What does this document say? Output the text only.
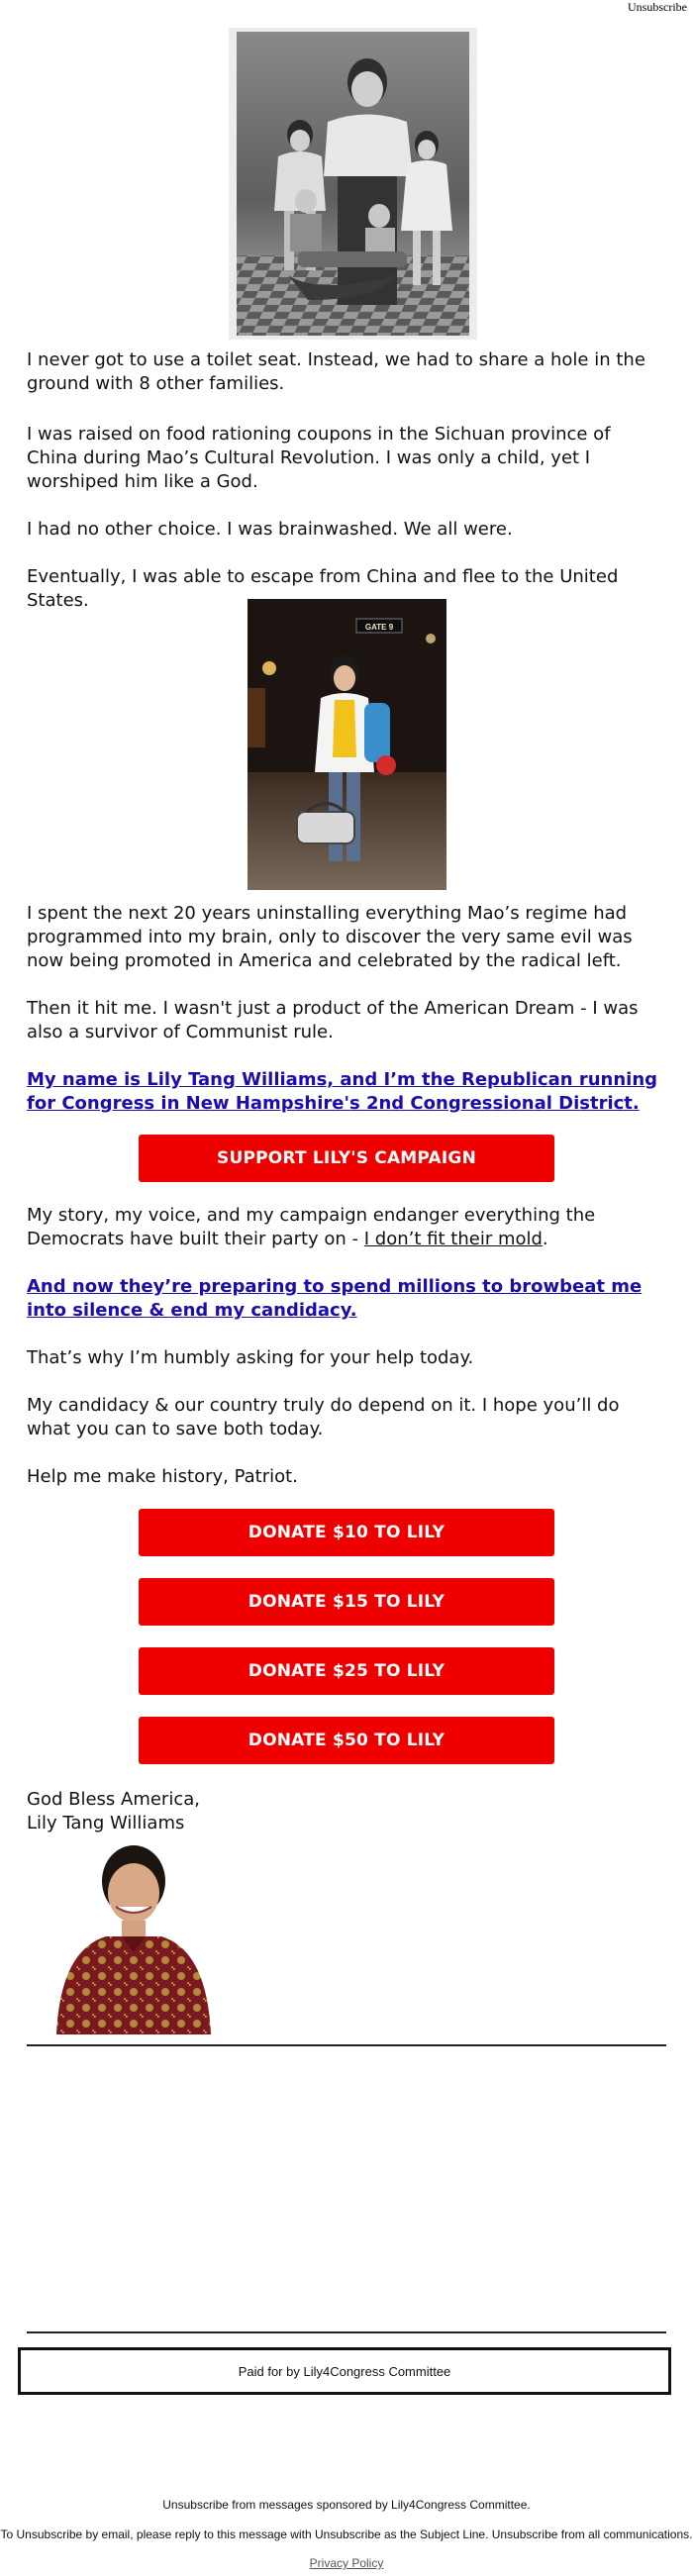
Unsubscribe

I never got to use a toilet seat. Instead, we had to share a hole in the ground with 8 other families.

I was raised on food rationing coupons in the Sichuan province of China during Mao’s Cultural Revolution. I was only a child, yet I worshiped him like a God.

I had no other choice. I was brainwashed. We all were.

Eventually, I was able to escape from China and flee to the United States.

GATE 9

I spent the next 20 years uninstalling everything Mao’s regime had programmed into my brain, only to discover the very same evil was now being promoted in America and celebrated by the radical left.

Then it hit me. I wasn't just a product of the American Dream - I was also a survivor of Communist rule.

My name is Lily Tang Williams, and I’m the Republican running for Congress in New Hampshire's 2nd Congressional District.
SUPPORT LILY'S CAMPAIGN

My story, my voice, and my campaign endanger everything the Democrats have built their party on - I don’t fit their mold.

And now they’re preparing to spend millions to browbeat me into silence & end my candidacy.

That’s why I’m humbly asking for your help today.

My candidacy & our country truly do depend on it. I hope you’ll do what you can to save both today.

Help me make history, Patriot.

DONATE $10 TO LILY
DONATE $15 TO LILY
DONATE $25 TO LILY
DONATE $50 TO LILY

God Bless America,

Lily Tang Williams

Paid for by Lily4Congress Committee
Unsubscribe from messages sponsored by Lily4Congress Committee.
To Unsubscribe by email, please reply to this message with Unsubscribe as the Subject Line. Unsubscribe from all communications.
Privacy Policy
